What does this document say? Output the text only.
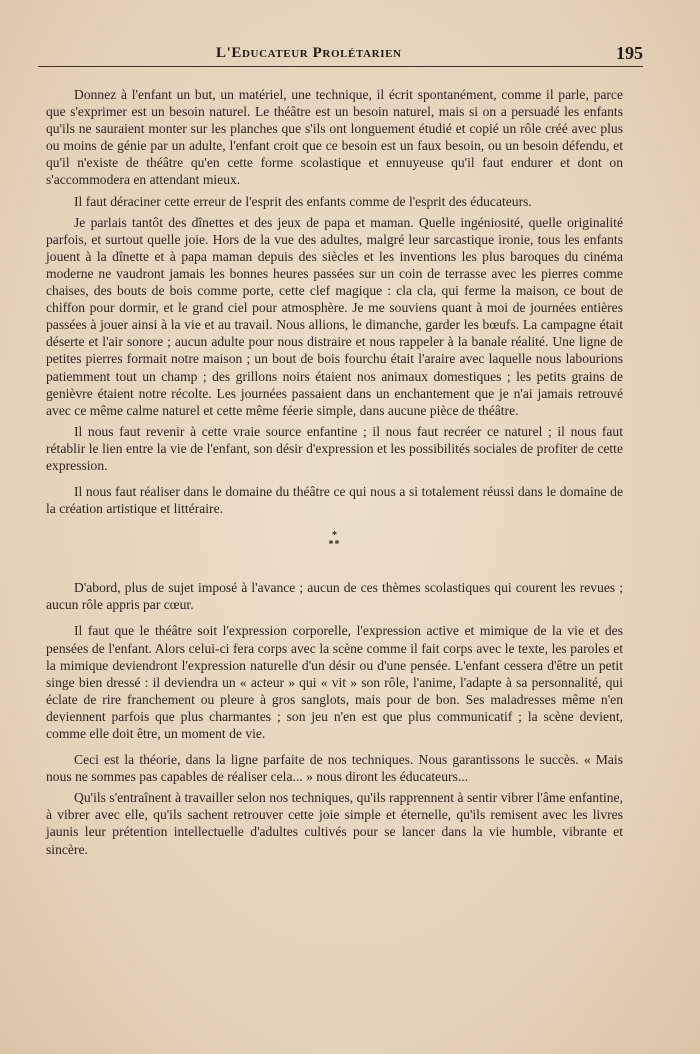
L'Educateur Prolétarien	195

Donnez à l'enfant un but, un matériel, une technique, il écrit spontanément, comme il parle, parce que s'exprimer est un besoin naturel. Le théâtre est un besoin naturel, mais si on a persuadé les enfants qu'ils ne sauraient monter sur les planches que s'ils ont longuement étudié et copié un rôle créé avec plus ou moins de génie par un adulte, l'enfant croit que ce besoin est un faux besoin, ou un besoin défendu, et qu'il n'existe de théâtre qu'en cette forme scolastique et ennuyeuse qu'il faut endurer et dont on s'accommodera en attendant mieux.

Il faut déraciner cette erreur de l'esprit des enfants comme de l'esprit des éducateurs.

Je parlais tantôt des dînettes et des jeux de papa et maman. Quelle ingéniosité, quelle originalité parfois, et surtout quelle joie. Hors de la vue des adultes, malgré leur sarcastique ironie, tous les enfants jouent à la dînette et à papa maman depuis des siècles et les inventions les plus baroques du cinéma moderne ne vaudront jamais les bonnes heures passées sur un coin de terrasse avec les pierres comme chaises, des bouts de bois comme porte, cette clef magique : cla cla, qui ferme la maison, ce bout de chiffon pour dormir, et le grand ciel pour atmosphère. Je me souviens quant à moi de journées entières passées à jouer ainsi à la vie et au travail. Nous allions, le dimanche, garder les bœufs. La campagne était déserte et l'air sonore ; aucun adulte pour nous distraire et nous rappeler à la banale réalité. Une ligne de petites pierres formait notre maison ; un bout de bois fourchu était l'araire avec laquelle nous labourions patiemment tout un champ ; des grillons noirs étaient nos animaux domestiques ; les petits grains de genièvre étaient notre récolte. Les journées passaient dans un enchantement que je n'ai jamais retrouvé avec ce même calme naturel et cette même féerie simple, dans aucune pièce de théâtre.

Il nous faut revenir à cette vraie source enfantine ; il nous faut recréer ce naturel ; il nous faut rétablir le lien entre la vie de l'enfant, son désir d'expression et les possibilités sociales de profiter de cette expression.

Il nous faut réaliser dans le domaine du théâtre ce qui nous a si totalement réussi dans le domaine de la création artistique et littéraire.

*
**

D'abord, plus de sujet imposé à l'avance ; aucun de ces thèmes scolastiques qui courent les revues ; aucun rôle appris par cœur.

Il faut que le théâtre soit l'expression corporelle, l'expression active et mimique de la vie et des pensées de l'enfant. Alors celui-ci fera corps avec la scène comme il fait corps avec le texte, les paroles et la mimique deviendront l'expression naturelle d'un désir ou d'une pensée. L'enfant cessera d'être un petit singe bien dressé : il deviendra un « acteur » qui « vit » son rôle, l'anime, l'adapte à sa personnalité, qui éclate de rire franchement ou pleure à gros sanglots, mais pour de bon. Ses maladresses même n'en deviennent parfois que plus charmantes ; son jeu n'en est que plus communicatif ; la scène devient, comme elle doit être, un moment de vie.

Ceci est la théorie, dans la ligne parfaite de nos techniques. Nous garantissons le succès. « Mais nous ne sommes pas capables de réaliser cela... » nous diront les éducateurs...

Qu'ils s'entraînent à travailler selon nos techniques, qu'ils rapprennent à sentir vibrer l'âme enfantine, à vibrer avec elle, qu'ils sachent retrouver cette joie simple et éternelle, qu'ils remisent avec les livres jaunis leur prétention intellectuelle d'adultes cultivés pour se lancer dans la vie humble, vibrante et sincère.
